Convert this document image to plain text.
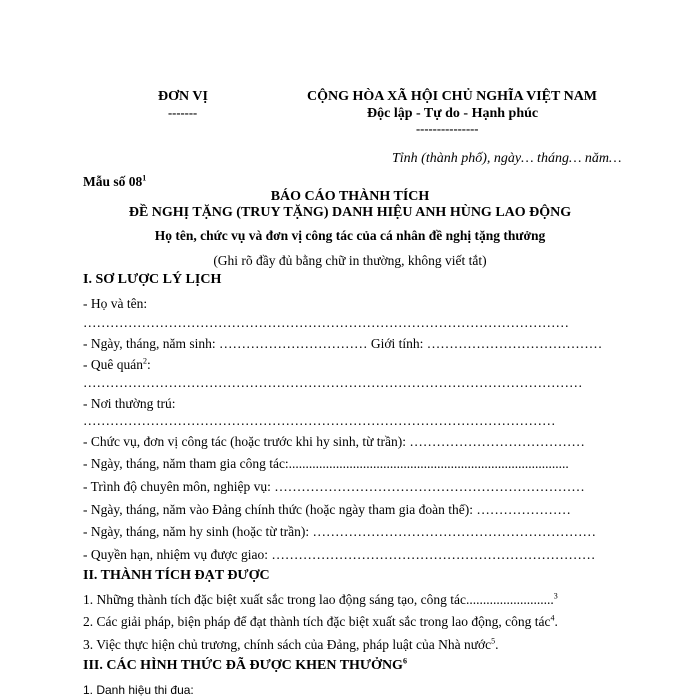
ĐƠN VỊ
-------
CỘNG HÒA XÃ HỘI CHỦ NGHĨA VIỆT NAM
Độc lập - Tự do - Hạnh phúc
---------------
Tỉnh (thành phố), ngày… tháng… năm…
Mẫu số $08^1$
BÁO CÁO THÀNH TÍCH
ĐỀ NGHỊ TẶNG (TRUY TẶNG) DANH HIỆU ANH HÙNG LAO ĐỘNG
Họ tên, chức vụ và đơn vị công tác của cá nhân đề nghị tặng thưởng
(Ghi rõ đầy đủ bằng chữ in thường, không viết tắt)
I. SƠ LƯỢC LÝ LỊCH
- Họ và tên:
………………………………………………………………………………………………
- Ngày, tháng, năm sinh: …………………………… Giới tính: …………………………………
- Quê quán$^2$:
…………………………………………………………………………………………………
- Nơi thường trú:
……………………………………………………………………………………………
- Chức vụ, đơn vị công tác (hoặc trước khi hy sinh, từ trần): …………………………………
- Ngày, tháng, năm tham gia công tác:...................................................................................
- Trình độ chuyên môn, nghiệp vụ: ……………………………………………………………
- Ngày, tháng, năm vào Đảng chính thức (hoặc ngày tham gia đoàn thể): …………………
- Ngày, tháng, năm hy sinh (hoặc từ trần): ………………………………………………………
- Quyền hạn, nhiệm vụ được giao: ………………………………………………………………
II. THÀNH TÍCH ĐẠT ĐƯỢC
1. Những thành tích đặc biệt xuất sắc trong lao động sáng tạo, công tác..........................$^3$
2. Các giải pháp, biện pháp để đạt thành tích đặc biệt xuất sắc trong lao động, công tác$^4$.
3. Việc thực hiện chủ trương, chính sách của Đảng, pháp luật của Nhà nước$^5$.
III. CÁC HÌNH THỨC ĐÃ ĐƯỢC KHEN THƯỞNG$^6$
1. Danh hiệu thi đua:
